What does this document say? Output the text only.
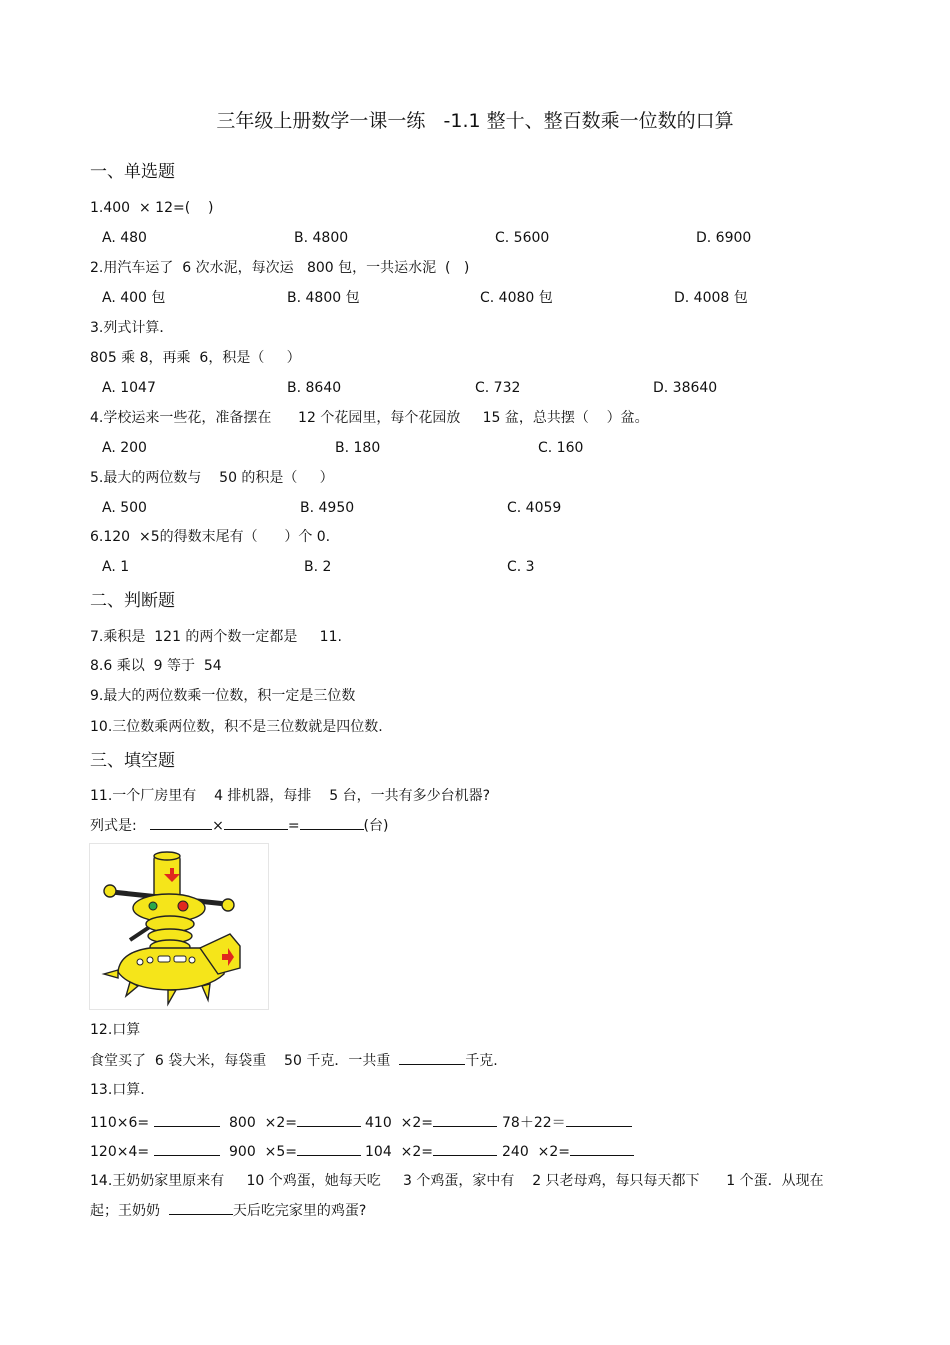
三年级上册数学一课一练   -1.1 整十、整百数乘一位数的口算
一、单选题
1.400  × 12=(    )
A. 480	B. 4800	C. 5600	D. 6900
2.用汽车运了  6 次水泥，每次运   800 包，一共运水泥  (   )
A. 400 包	B. 4800 包	C. 4080 包	D. 4008 包
3.列式计算．
805 乘 8，再乘  6，积是（     ）
A. 1047	B. 8640	C. 732	D. 38640
4.学校运来一些花，准备摆在      12 个花园里，每个花园放     15 盆，总共摆（    ）盆。
A. 200	B. 180	C. 160
5.最大的两位数与    50 的积是（     ）
A. 500	B. 4950	C. 4059
6.120  ×5的得数末尾有（      ）个 0.
A. 1	B. 2	C. 3
二、判断题
7.乘积是  121 的两个数一定都是     11.
8.6 乘以  9 等于  54
9.最大的两位数乘一位数，积一定是三位数
10.三位数乘两位数，积不是三位数就是四位数.
三、填空题
11.一个厂房里有    4 排机器，每排    5 台，一共有多少台机器?
列式是:	×	=	(台)
12.口算
食堂买了  6 袋大米，每袋重    50 千克．一共重	千克.
13.口算.
110×6=	800  ×2=	410  ×2=	78＋22＝
120×4=	900  ×5=	104  ×2=	240  ×2=
14.王奶奶家里原来有     10 个鸡蛋，她每天吃     3 个鸡蛋，家中有    2 只老母鸡，每只每天都下      1 个蛋．从现在
起；王奶奶	天后吃完家里的鸡蛋?
